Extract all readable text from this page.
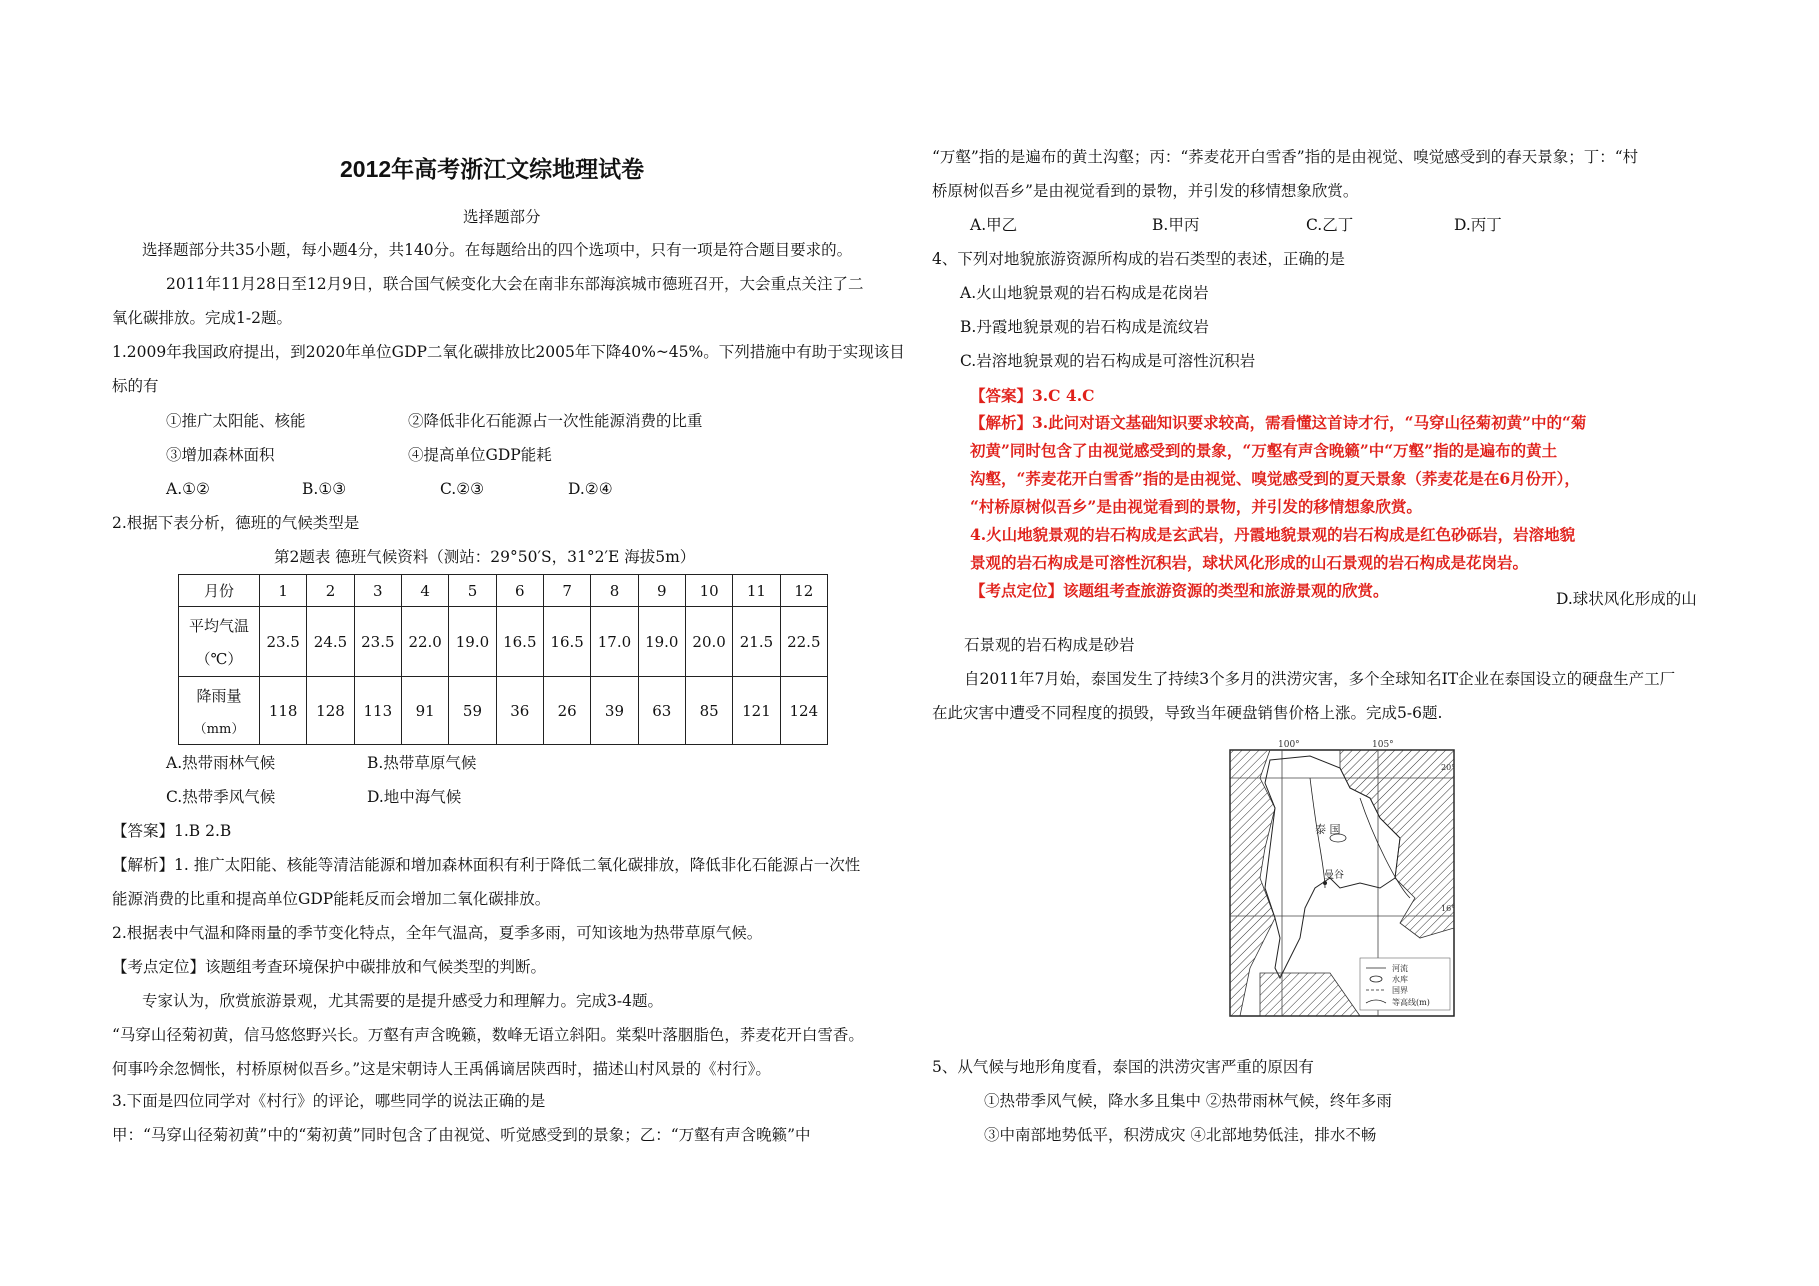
2012年高考浙江文综地理试卷
选择题部分
选择题部分共35小题，每小题4分，共140分。在每题给出的四个选项中，只有一项是符合题目要求的。
2011年11月28日至12月9日，联合国气候变化大会在南非东部海滨城市德班召开，大会重点关注了二
氧化碳排放。完成1-2题。
1.2009年我国政府提出，到2020年单位GDP二氧化碳排放比2005年下降40%~45%。下列措施中有助于实现该目
标的有
①推广太阳能、核能	②降低非化石能源占一次性能源消费的比重
③增加森林面积	④提高单位GDP能耗
A.①②	B.①③	C.②③	D.②④
2.根据下表分析，德班的气候类型是
第2题表 德班气候资料（测站：29°50′S，31°2′E 海拔5m）
月份	1	2	3	4	5	6	7	8	9	10	11	12

平均气温
（℃）	23.5	24.5	23.5	22.0	19.0	16.5	16.5	17.0	19.0	20.0	21.5	22.5

降雨量
（mm）	118	128	113	91	59	36	26	39	63	85	121	124
A.热带雨林气候	B.热带草原气候
C.热带季风气候	D.地中海气候
【答案】1.B 2.B
【解析】1. 推广太阳能、核能等清洁能源和增加森林面积有利于降低二氧化碳排放，降低非化石能源占一次性
能源消费的比重和提高单位GDP能耗反而会增加二氧化碳排放。
2.根据表中气温和降雨量的季节变化特点，全年气温高，夏季多雨，可知该地为热带草原气候。
【考点定位】该题组考查环境保护中碳排放和气候类型的判断。
专家认为，欣赏旅游景观，尤其需要的是提升感受力和理解力。完成3-4题。
“马穿山径菊初黄，信马悠悠野兴长。万壑有声含晚籁，数峰无语立斜阳。棠梨叶落胭脂色，荞麦花开白雪香。
何事吟余忽惆怅，村桥原树似吾乡。”这是宋朝诗人王禹偁谪居陕西时，描述山村风景的《村行》。
3.下面是四位同学对《村行》的评论，哪些同学的说法正确的是
甲：“马穿山径菊初黄”中的“菊初黄”同时包含了由视觉、听觉感受到的景象；乙：“万壑有声含晚籁”中
“万壑”指的是遍布的黄土沟壑；丙：“荞麦花开白雪香”指的是由视觉、嗅觉感受到的春天景象；丁：“村
桥原树似吾乡”是由视觉看到的景物，并引发的移情想象欣赏。
A.甲乙	B.甲丙	C.乙丁	D.丙丁
4、下列对地貌旅游资源所构成的岩石类型的表述，正确的是
A.火山地貌景观的岩石构成是花岗岩
B.丹霞地貌景观的岩石构成是流纹岩
C.岩溶地貌景观的岩石构成是可溶性沉积岩
【答案】3.C 4.C
【解析】3.此问对语文基础知识要求较高，需看懂这首诗才行，“马穿山径菊初黄”中的“菊
初黄”同时包含了由视觉感受到的景象，“万壑有声含晚籁”中“万壑”指的是遍布的黄土
沟壑，“荞麦花开白雪香”指的是由视觉、嗅觉感受到的夏天景象（荞麦花是在6月份开），
“村桥原树似吾乡”是由视觉看到的景物，并引发的移情想象欣赏。
4.火山地貌景观的岩石构成是玄武岩，丹霞地貌景观的岩石构成是红色砂砾岩，岩溶地貌
景观的岩石构成是可溶性沉积岩，球状风化形成的山石景观的岩石构成是花岗岩。
【考点定位】该题组考查旅游资源的类型和旅游景观的欣赏。	D.球状风化形成的山
石景观的岩石构成是砂岩
自2011年7月始，泰国发生了持续3个多月的洪涝灾害，多个全球知名IT企业在泰国设立的硬盘生产工厂
在此灾害中遭受不同程度的损毁，导致当年硬盘销售价格上涨。完成5-6题.
100°	105°
泰 国
曼谷
20°
16°
河流
水库
国界
等高线(m)
5、从气候与地形角度看，泰国的洪涝灾害严重的原因有
①热带季风气候，降水多且集中 ②热带雨林气候，终年多雨
③中南部地势低平，积涝成灾 ④北部地势低洼，排水不畅
